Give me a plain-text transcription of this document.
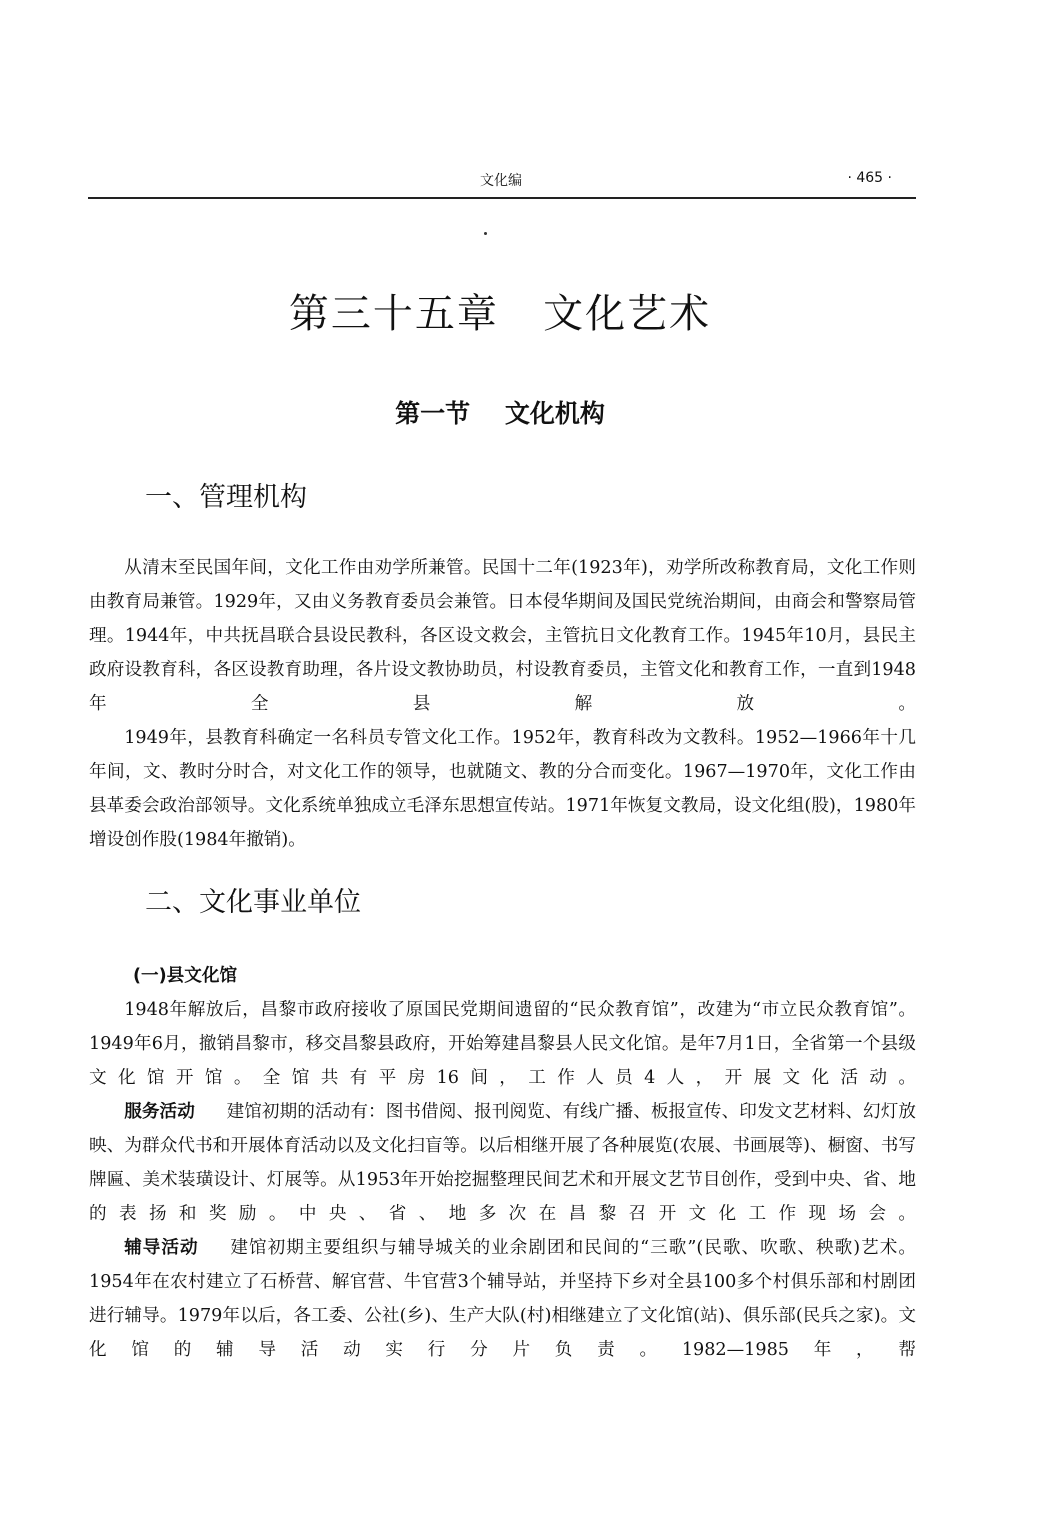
文化编	· 465 ·
第三十五章   文化艺术
第一节    文化机构
一、管理机构

从清末至民国年间，文化工作由劝学所兼管。民国十二年(1923年)，劝学所改称教育局，文化工作则由教育局兼管。1929年，又由义务教育委员会兼管。日本侵华期间及国民党统治期间，由商会和警察局管理。1944年，中共抚昌联合县设民教科，各区设文救会，主管抗日文化教育工作。1945年10月，县民主政府设教育科，各区设教育助理，各片设文教协助员，村设教育委员，主管文化和教育工作，一直到1948年全县解放。

1949年，县教育科确定一名科员专管文化工作。1952年，教育科改为文教科。1952—1966年十几年间，文、教时分时合，对文化工作的领导，也就随文、教的分合而变化。1967—1970年，文化工作由县革委会政治部领导。文化系统单独成立毛泽东思想宣传站。1971年恢复文教局，设文化组(股)，1980年增设创作股(1984年撤销)。

二、文化事业单位

(一)县文化馆

1948年解放后，昌黎市政府接收了原国民党期间遗留的“民众教育馆”，改建为“市立民众教育馆”。1949年6月，撤销昌黎市，移交昌黎县政府，开始筹建昌黎县人民文化馆。是年7月1日，全省第一个县级文化馆开馆。全馆共有平房16间，工作人员4人，开展文化活动。

服务活动 建馆初期的活动有：图书借阅、报刊阅览、有线广播、板报宣传、印发文艺材料、幻灯放映、为群众代书和开展体育活动以及文化扫盲等。以后相继开展了各种展览(农展、书画展等)、橱窗、书写牌匾、美术装璜设计、灯展等。从1953年开始挖掘整理民间艺术和开展文艺节目创作，受到中央、省、地的表扬和奖励。中央、省、地多次在昌黎召开文化工作现场会。

辅导活动 建馆初期主要组织与辅导城关的业余剧团和民间的“三歌”(民歌、吹歌、秧歌)艺术。1954年在农村建立了石桥营、解官营、牛官营3个辅导站，并坚持下乡对全县100多个村俱乐部和村剧团进行辅导。1979年以后，各工委、公社(乡)、生产大队(村)相继建立了文化馆(站)、俱乐部(民兵之家)。文化馆的辅导活动实行分片负责。1982—1985年，帮
